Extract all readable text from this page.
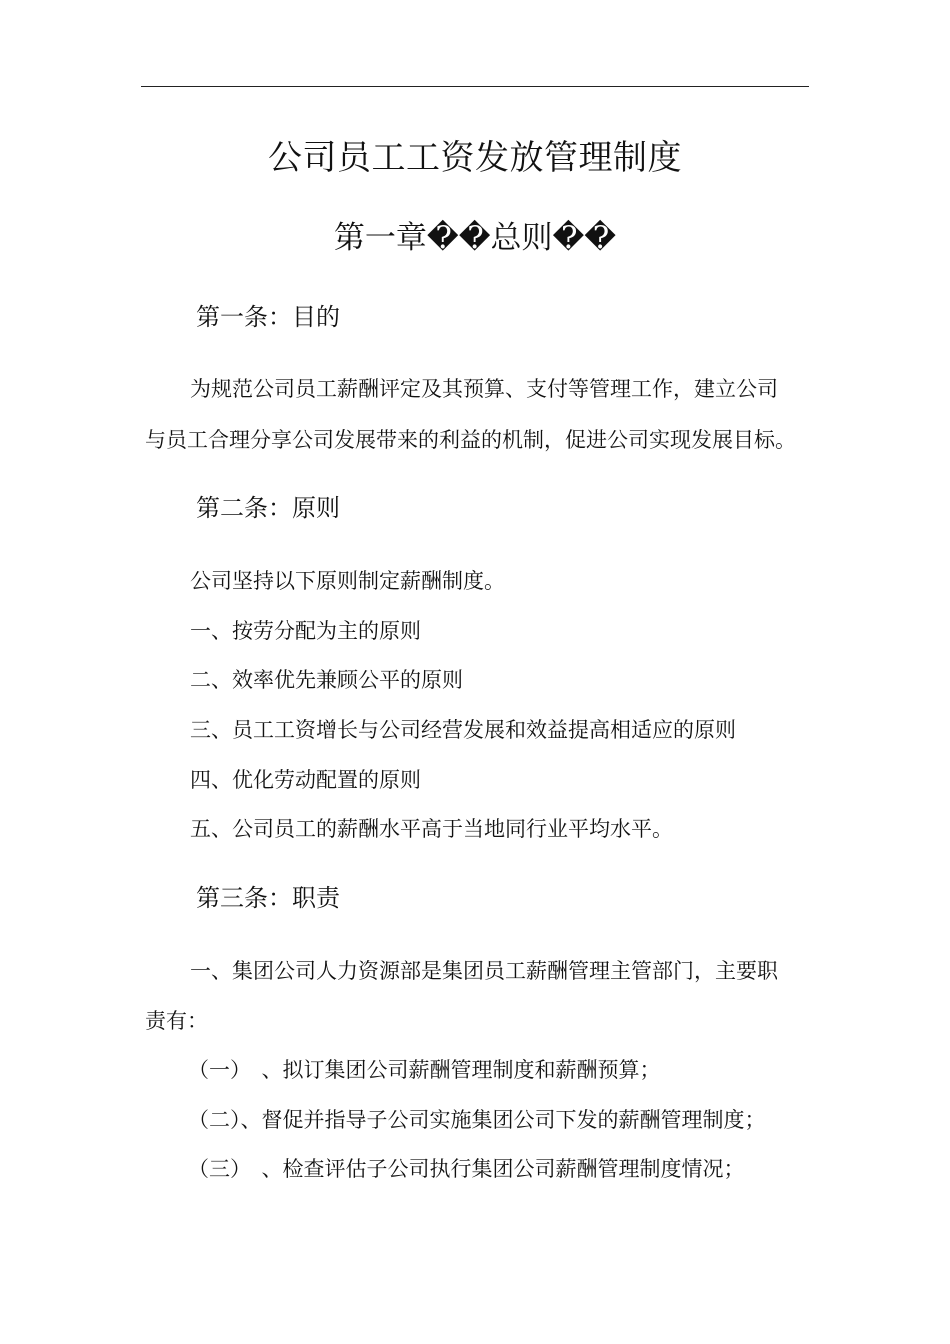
公司员工工资发放管理制度
第一章��总则��
第一条：目的
为规范公司员工薪酬评定及其预算、支付等管理工作，建立公司
与员工合理分享公司发展带来的利益的机制，促进公司实现发展目标。
第二条：原则
公司坚持以下原则制定薪酬制度。
一、按劳分配为主的原则
二、效率优先兼顾公平的原则
三、员工工资增长与公司经营发展和效益提高相适应的原则
四、优化劳动配置的原则
五、公司员工的薪酬水平高于当地同行业平均水平。
第三条：职责
一、集团公司人力资源部是集团员工薪酬管理主管部门，主要职
责有：
（一）　、拟订集团公司薪酬管理制度和薪酬预算；
（二）、督促并指导子公司实施集团公司下发的薪酬管理制度；
（三）　、检查评估子公司执行集团公司薪酬管理制度情况；
